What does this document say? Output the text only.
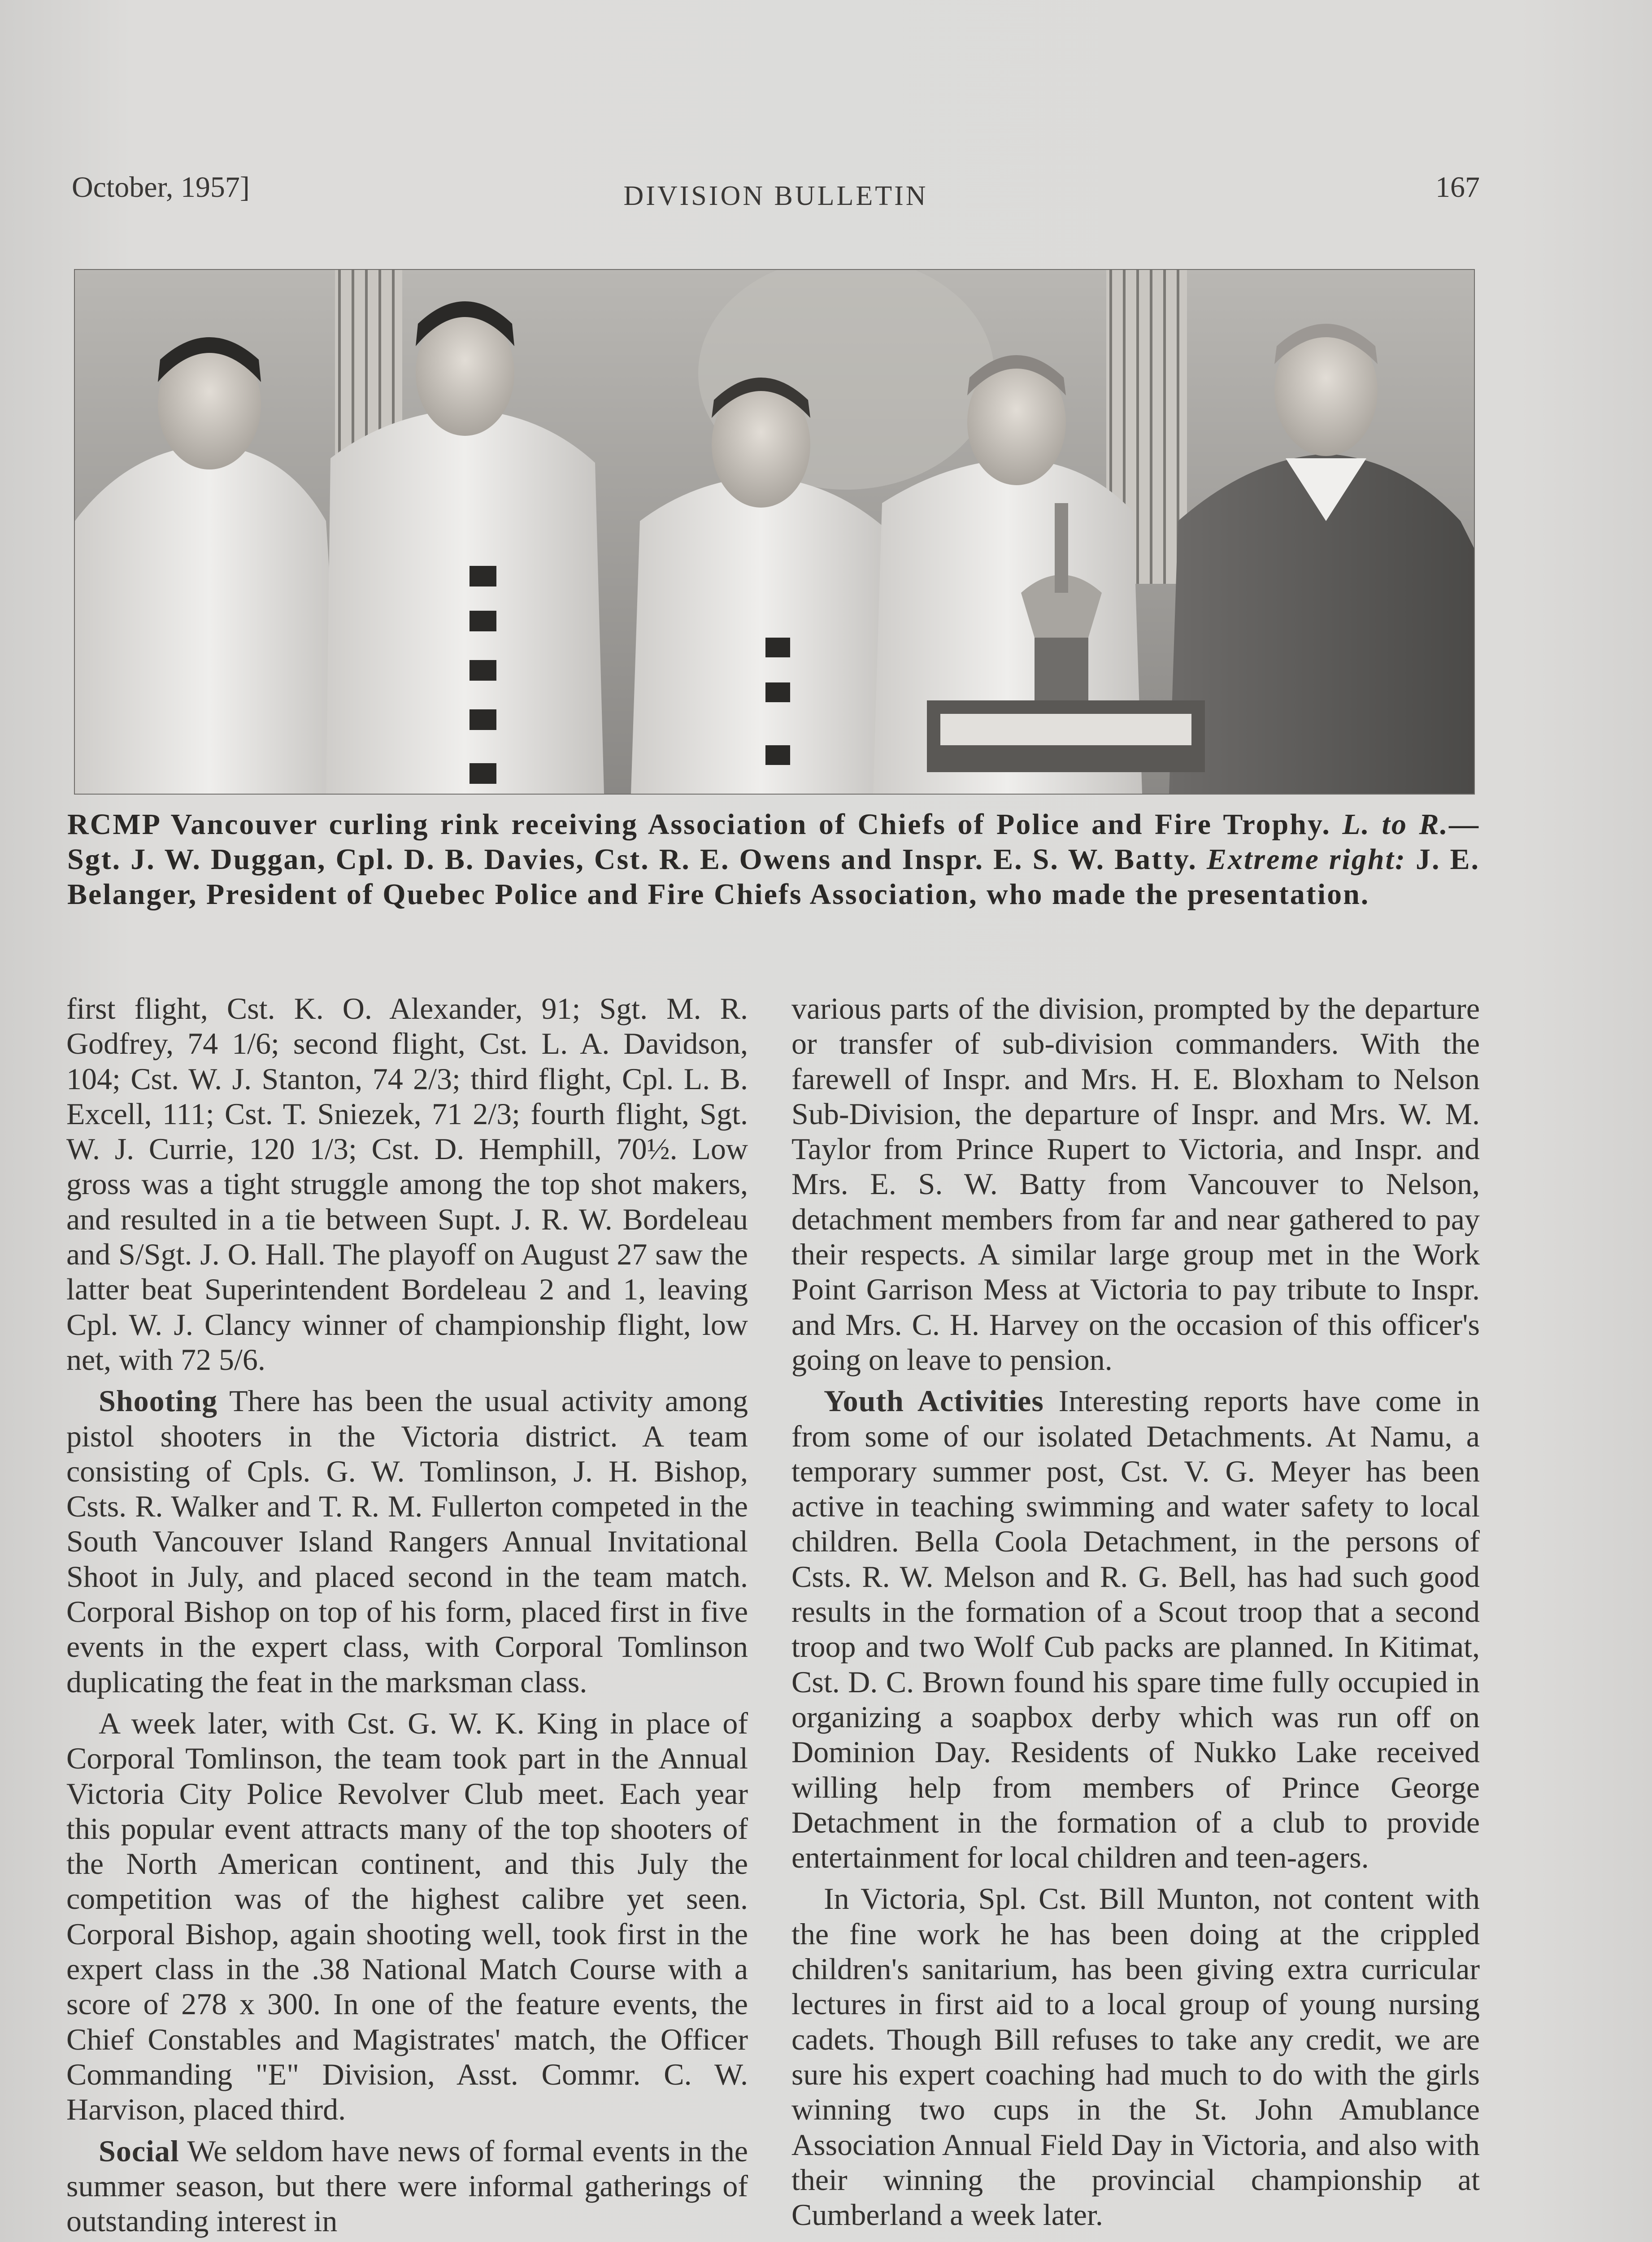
October, 1957]	DIVISION BULLETIN	167
RCMP Vancouver curling rink receiving Association of Chiefs of Police and Fire Trophy. L. to R.—Sgt. J. W. Duggan, Cpl. D. B. Davies, Cst. R. E. Owens and Inspr. E. S. W. Batty. Extreme right: J. E. Belanger, President of Quebec Police and Fire Chiefs Association, who made the presentation.

first flight, Cst. K. O. Alexander, 91; Sgt. M. R. Godfrey, 74 1/6; second flight, Cst. L. A. Davidson, 104; Cst. W. J. Stanton, 74 2/3; third flight, Cpl. L. B. Excell, 111; Cst. T. Sniezek, 71 2/3; fourth flight, Sgt. W. J. Currie, 120 1/3; Cst. D. Hemphill, 70½. Low gross was a tight struggle among the top shot makers, and resulted in a tie between Supt. J. R. W. Bordeleau and S/Sgt. J. O. Hall. The playoff on August 27 saw the latter beat Superintendent Bordeleau 2 and 1, leaving Cpl. W. J. Clancy winner of championship flight, low net, with 72 5/6.

Shooting There has been the usual activity among pistol shooters in the Victoria district. A team consisting of Cpls. G. W. Tomlinson, J. H. Bishop, Csts. R. Walker and T. R. M. Fullerton competed in the South Vancouver Island Rangers Annual Invitational Shoot in July, and placed second in the team match. Corporal Bishop on top of his form, placed first in five events in the expert class, with Corporal Tomlinson duplicating the feat in the marksman class.

A week later, with Cst. G. W. K. King in place of Corporal Tomlinson, the team took part in the Annual Victoria City Police Revolver Club meet. Each year this popular event attracts many of the top shooters of the North American continent, and this July the competition was of the highest calibre yet seen. Corporal Bishop, again shooting well, took first in the expert class in the .38 National Match Course with a score of 278 x 300. In one of the feature events, the Chief Constables and Magistrates' match, the Officer Commanding "E" Division, Asst. Commr. C. W. Harvison, placed third.

Social We seldom have news of formal events in the summer season, but there were informal gatherings of outstanding interest in

various parts of the division, prompted by the departure or transfer of sub-division commanders. With the farewell of Inspr. and Mrs. H. E. Bloxham to Nelson Sub-Division, the departure of Inspr. and Mrs. W. M. Taylor from Prince Rupert to Victoria, and Inspr. and Mrs. E. S. W. Batty from Vancouver to Nelson, detachment members from far and near gathered to pay their respects. A similar large group met in the Work Point Garrison Mess at Victoria to pay tribute to Inspr. and Mrs. C. H. Harvey on the occasion of this officer's going on leave to pension.

Youth Activities Interesting reports have come in from some of our isolated Detachments. At Namu, a temporary summer post, Cst. V. G. Meyer has been active in teaching swimming and water safety to local children. Bella Coola Detachment, in the persons of Csts. R. W. Melson and R. G. Bell, has had such good results in the formation of a Scout troop that a second troop and two Wolf Cub packs are planned. In Kitimat, Cst. D. C. Brown found his spare time fully occupied in organizing a soapbox derby which was run off on Dominion Day. Residents of Nukko Lake received willing help from members of Prince George Detachment in the formation of a club to provide entertainment for local children and teen-agers.

In Victoria, Spl. Cst. Bill Munton, not content with the fine work he has been doing at the crippled children's sanitarium, has been giving extra curricular lectures in first aid to a local group of young nursing cadets. Though Bill refuses to take any credit, we are sure his expert coaching had much to do with the girls winning two cups in the St. John Amublance Association Annual Field Day in Victoria, and also with their winning the provincial championship at Cumberland a week later.
